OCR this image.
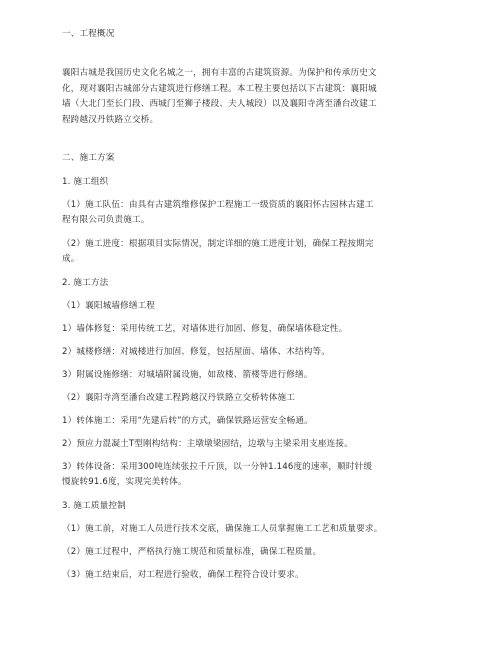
一、工程概况
襄阳古城是我国历史文化名城之一，拥有丰富的古建筑资源。为保护和传承历史文
化，现对襄阳古城部分古建筑进行修缮工程。本工程主要包括以下古建筑：襄阳城
墙（大北门至长门段、西城门至狮子楼段、夫人城段）以及襄阳寺湾至潘台改建工
程跨越汉丹铁路立交桥。
二、施工方案
1. 施工组织
（1）施工队伍：由具有古建筑维修保护工程施工一级资质的襄阳怀古园林古建工
程有限公司负责施工。
（2）施工进度：根据项目实际情况，制定详细的施工进度计划，确保工程按期完
成。
2. 施工方法
（1）襄阳城墙修缮工程
1）墙体修复：采用传统工艺，对墙体进行加固、修复，确保墙体稳定性。
2）城楼修缮：对城楼进行加固、修复，包括屋面、墙体、木结构等。
3）附属设施修缮：对城墙附属设施，如敌楼、箭楼等进行修缮。
（2）襄阳寺湾至潘台改建工程跨越汉丹铁路立交桥转体施工
1）转体施工：采用“先建后转”的方式，确保铁路运营安全畅通。
2）预应力混凝土T型刚构结构：主墩墩梁固结，边墩与主梁采用支座连接。
3）转体设备：采用300吨连续张拉千斤顶，以一分钟1.146度的速率，顺时针缓
慢旋转91.6度，实现完美转体。
3. 施工质量控制
（1）施工前，对施工人员进行技术交底，确保施工人员掌握施工工艺和质量要求。
（2）施工过程中，严格执行施工规范和质量标准，确保工程质量。
（3）施工结束后，对工程进行验收，确保工程符合设计要求。
